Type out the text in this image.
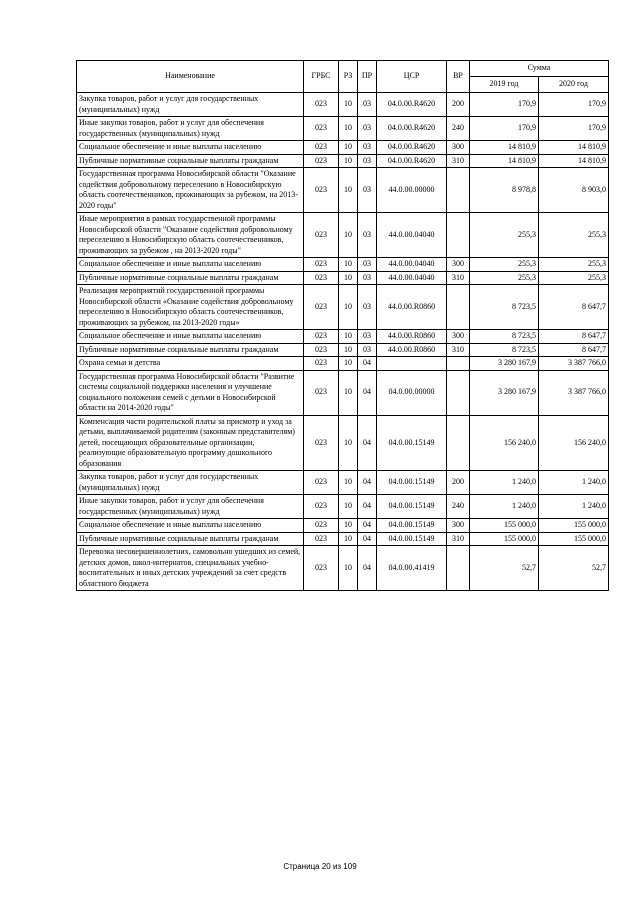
Наименование	ГРБС	РЗ	ПР	ЦСР	ВР	Сумма	
						2019 год	2020 год
Закупка товаров, работ и услуг для государственных (муниципальных) нужд	023	10	03	04.0.00.R4620	200	170,9	170,9
Иные закупки товаров, работ и услуг для обеспечения государственных (муниципальных) нужд	023	10	03	04.0.00.R4620	240	170,9	170,9
Социальное обеспечение и иные выплаты населению	023	10	03	04.0.00.R4620	300	14 810,9	14 810,9
Публичные нормативные социальные выплаты гражданам	023	10	03	04.0.00.R4620	310	14 810,9	14 810,9
Государственная программа Новосибирской области "Оказание содействия добровольному переселению в Новосибирскую область соотечественников, проживающих за рубежом, на 2013-2020 годы"	023	10	03	44.0.00.00000		8 978,8	8 903,0
Иные мероприятия в рамках государственной программы Новосибирской области "Оказание содействия добровольному переселению в Новосибирскую область соотечественников, проживающих за рубежом , на 2013-2020 годы"	023	10	03	44.0.00.04040		255,3	255,3
Социальное обеспечение и иные выплаты населению	023	10	03	44.0.00.04040	300	255,3	255,3
Публичные нормативные социальные выплаты гражданам	023	10	03	44.0.00.04040	310	255,3	255,3
Реализация мероприятий государственной программы Новосибирской области «Оказание содействия добровольному переселению в Новосибирскую область соотечественников, проживающих за рубежом, на 2013-2020 годы»	023	10	03	44.0.00.R0860		8 723,5	8 647,7
Социальное обеспечение и иные выплаты населению	023	10	03	44.0.00.R0860	300	8 723,5	8 647,7
Публичные нормативные социальные выплаты гражданам	023	10	03	44.0.00.R0860	310	8 723,5	8 647,7
Охрана семьи и детства	023	10	04			3 280 167,9	3 387 766,0
Государственная программа Новосибирской области "Развитие системы социальной поддержки населения и улучшение социального положения семей с детьми в Новосибирской области на 2014-2020 годы"	023	10	04	04.0.00.00000		3 280 167,9	3 387 766,0
Компенсация части родительской платы за присмотр и уход за детьми, выплачиваемой родителям (законным представителям) детей, посещающих образовательные организации, реализующие образовательную программу дошкольного образования	023	10	04	04.0.00.15149		156 240,0	156 240,0
Закупка товаров, работ и услуг для государственных (муниципальных) нужд	023	10	04	04.0.00.15149	200	1 240,0	1 240,0
Иные закупки товаров, работ и услуг для обеспечения государственных (муниципальных) нужд	023	10	04	04.0.00.15149	240	1 240,0	1 240,0
Социальное обеспечение и иные выплаты населению	023	10	04	04.0.00.15149	300	155 000,0	155 000,0
Публичные нормативные социальные выплаты гражданам	023	10	04	04.0.00.15149	310	155 000,0	155 000,0
Перевозка несовершеннолетних, самовольно ушедших из семей, детских домов, школ-интернатов, специальных учебно-воспитательных и иных детских учреждений за счет средств областного бюджета	023	10	04	04.0.00.41419		52,7	52,7
Страница 20 из 109
